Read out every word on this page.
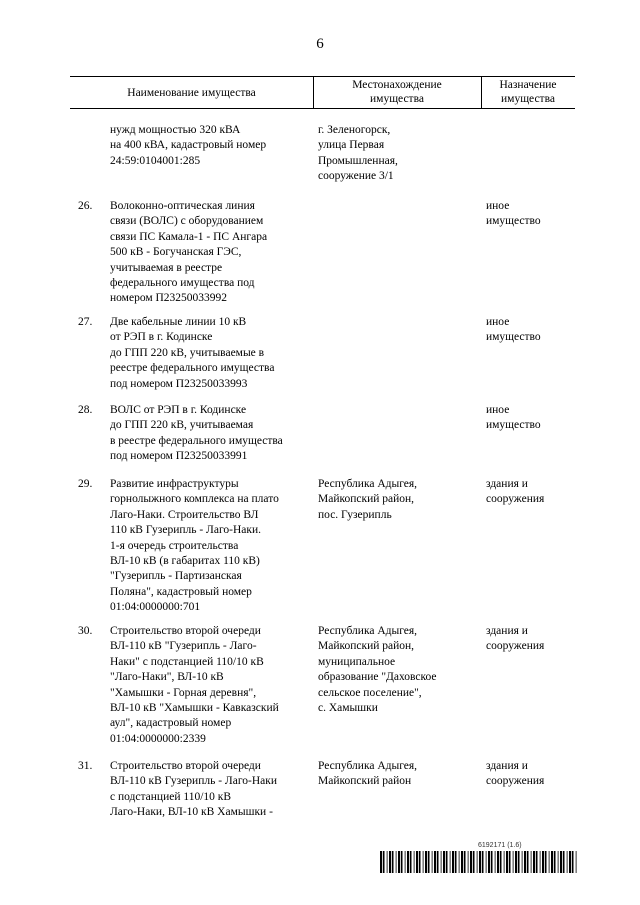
6
Наименование имущества
Местонахождение
имущества
Назначение
имущества
нужд мощностью 320 кВА
на 400 кВА, кадастровый номер
24:59:0104001:285
г. Зеленогорск,
улица Первая
Промышленная,
сооружение 3/1
26. Волоконно-оптическая линия
связи (ВОЛС) с оборудованием
связи ПС Камала-1 - ПС Ангара
500 кВ - Богучанская ГЭС,
учитываемая в реестре
федерального имущества под
номером П23250033992
иное
имущество
27. Две кабельные линии 10 кВ
от РЭП в г. Кодинске
до ГПП 220 кВ, учитываемые в
реестре федерального имущества
под номером П23250033993
иное
имущество
28. ВОЛС от РЭП в г. Кодинске
до ГПП 220 кВ, учитываемая
в реестре федерального имущества
под номером П23250033991
иное
имущество
29. Развитие инфраструктуры
горнолыжного комплекса на плато
Лаго-Наки. Строительство ВЛ
110 кВ Гузерипль - Лаго-Наки.
1-я очередь строительства
ВЛ-10 кВ (в габаритах 110 кВ)
"Гузерипль - Партизанская
Поляна", кадастровый номер
01:04:0000000:701
Республика Адыгея,
Майкопский район,
пос. Гузерипль
здания и
сооружения
30. Строительство второй очереди
ВЛ-110 кВ "Гузерипль - Лаго-
Наки" с подстанцией 110/10 кВ
"Лаго-Наки", ВЛ-10 кВ
"Хамышки - Горная деревня",
ВЛ-10 кВ "Хамышки - Кавказский
аул", кадастровый номер
01:04:0000000:2339
Республика Адыгея,
Майкопский район,
муниципальное
образование "Даховское
сельское поселение",
с. Хамышки
здания и
сооружения
31. Строительство второй очереди
ВЛ-110 кВ Гузерипль - Лаго-Наки
с подстанцией 110/10 кВ
Лаго-Наки, ВЛ-10 кВ Хамышки -
Республика Адыгея,
Майкопский район
здания и
сооружения
6192171 (1.6)
